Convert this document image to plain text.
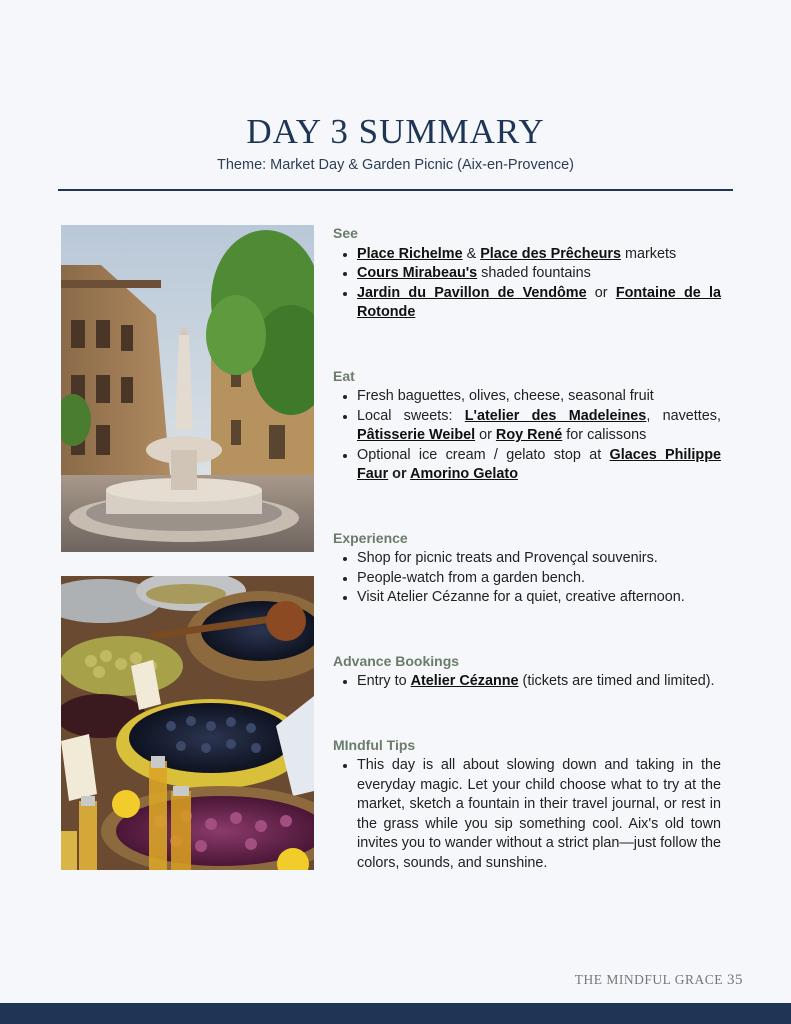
DAY 3 SUMMARY
Theme: Market Day & Garden Picnic (Aix-en-Provence)
See
• Place Richelme & Place des Prêcheurs markets
• Cours Mirabeau's shaded fountains
• Jardin du Pavillon de Vendôme or Fontaine de la Rotonde
Eat
• Fresh baguettes, olives, cheese, seasonal fruit
• Local sweets: L'atelier des Madeleines, navettes, Pâtisserie Weibel or Roy René for calissons
• Optional ice cream / gelato stop at Glaces Philippe Faur or Amorino Gelato
Experience
• Shop for picnic treats and Provençal souvenirs.
• People-watch from a garden bench.
• Visit Atelier Cézanne for a quiet, creative afternoon.
Advance Bookings
• Entry to Atelier Cézanne (tickets are timed and limited).
MIndful Tips
• This day is all about slowing down and taking in the everyday magic. Let your child choose what to try at the market, sketch a fountain in their travel journal, or rest in the grass while you sip something cool. Aix's old town invites you to wander without a strict plan—just follow the colors, sounds, and sunshine.
THE MINDFUL GRACE 35
